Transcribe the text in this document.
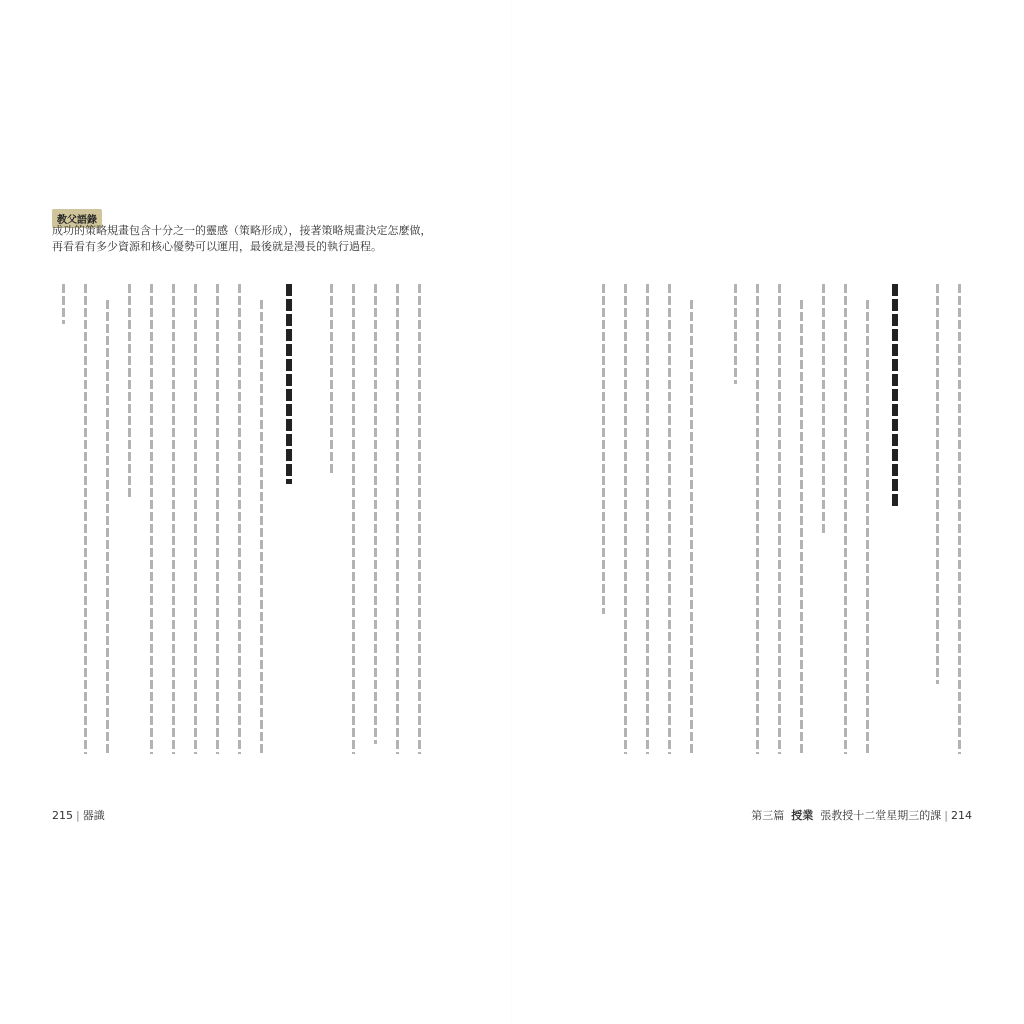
教父語錄
成功的策略規畫包含十分之一的靈感（策略形成），接著策略規畫決定怎麼做，
再看看有多少資源和核心優勢可以運用，最後就是漫長的執行過程。
215 | 器識	第三篇 授業 張教授十二堂星期三的課 | 214
